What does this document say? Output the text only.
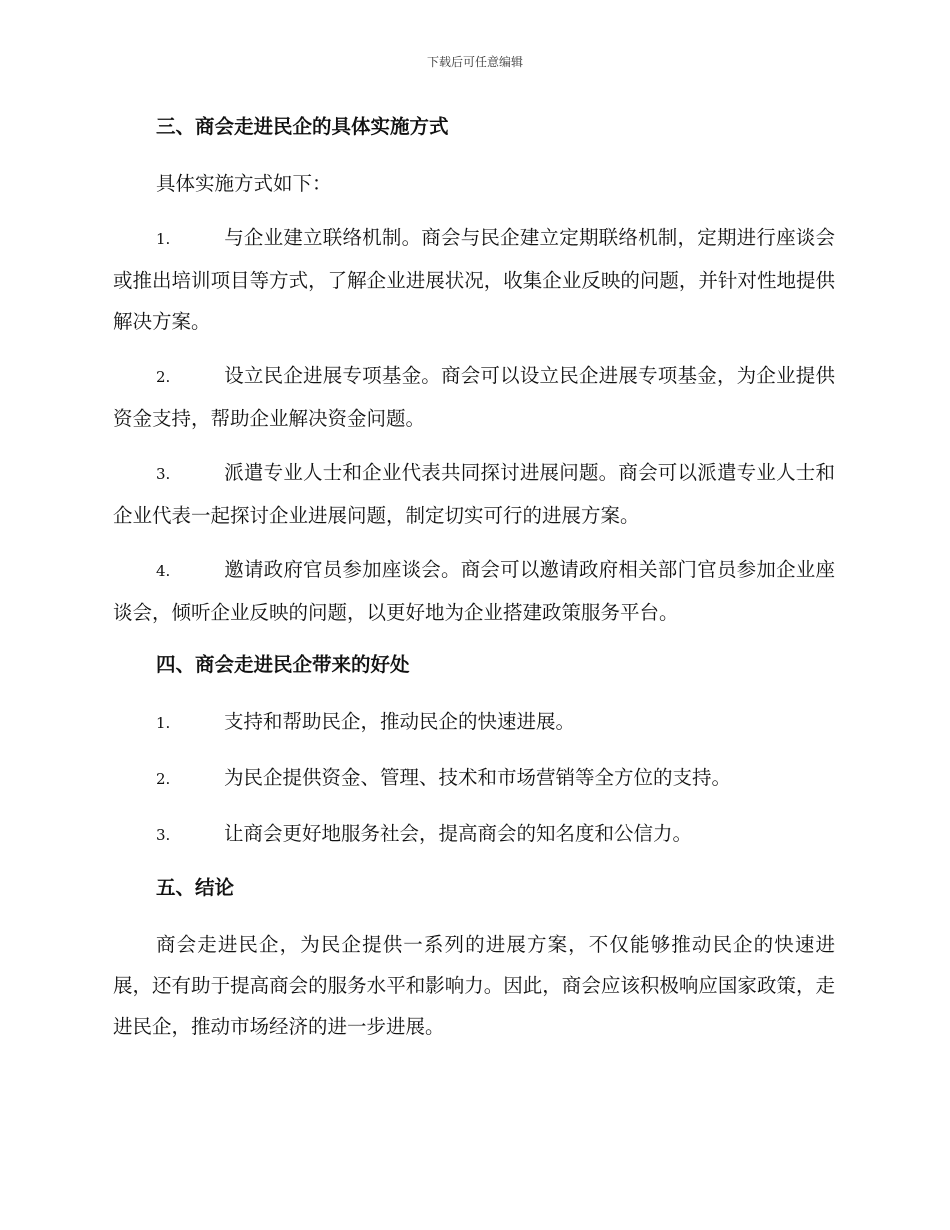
下载后可任意编辑
三、商会走进民企的具体实施方式
具体实施方式如下：
1.	与企业建立联络机制。商会与民企建立定期联络机制，定期进行座谈会或推出培训项目等方式，了解企业进展状况，收集企业反映的问题，并针对性地提供解决方案。
2.	设立民企进展专项基金。商会可以设立民企进展专项基金，为企业提供资金支持，帮助企业解决资金问题。
3.	派遣专业人士和企业代表共同探讨进展问题。商会可以派遣专业人士和企业代表一起探讨企业进展问题，制定切实可行的进展方案。
4.	邀请政府官员参加座谈会。商会可以邀请政府相关部门官员参加企业座谈会，倾听企业反映的问题，以更好地为企业搭建政策服务平台。
四、商会走进民企带来的好处
1.	支持和帮助民企，推动民企的快速进展。
2.	为民企提供资金、管理、技术和市场营销等全方位的支持。
3.	让商会更好地服务社会，提高商会的知名度和公信力。
五、结论
商会走进民企，为民企提供一系列的进展方案，不仅能够推动民企的快速进展，还有助于提高商会的服务水平和影响力。因此，商会应该积极响应国家政策，走进民企，推动市场经济的进一步进展。
